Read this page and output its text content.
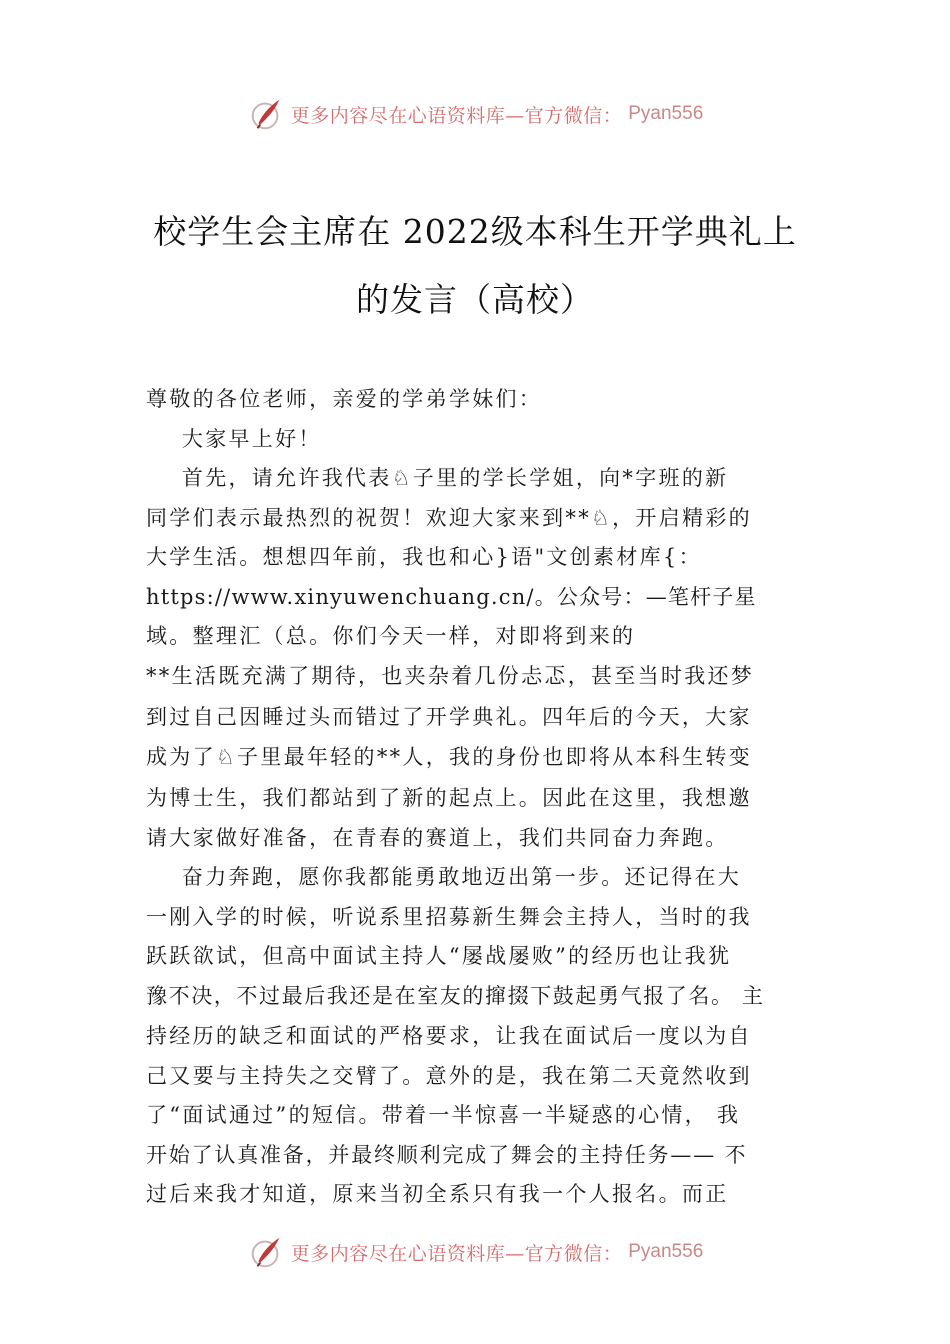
更多内容尽在心语资料库—官方微信： Pyan556
校学生会主席在 2022级本科生开学典礼上
的发言（高校）
尊敬的各位老师，亲爱的学弟学妹们：
大家早上好！
首先，请允许我代表♘子里的学长学姐，向*字班的新
同学们表示最热烈的祝贺！欢迎大家来到**♘，开启精彩的
大学生活。想想四年前，我也和心}语"文创素材库{：
https://www.xinyuwenchuang.cn/。公众号：—笔杆子星
域。整理汇（总。你们今天一样，对即将到来的
**生活既充满了期待，也夹杂着几份忐忑，甚至当时我还梦
到过自己因睡过头而错过了开学典礼。四年后的今天，大家
成为了♘子里最年轻的**人，我的身份也即将从本科生转变
为博士生，我们都站到了新的起点上。因此在这里，我想邀
请大家做好准备，在青春的赛道上，我们共同奋力奔跑。
奋力奔跑，愿你我都能勇敢地迈出第一步。还记得在大
一刚入学的时候，听说系里招募新生舞会主持人，当时的我
跃跃欲试，但高中面试主持人“屡战屡败”的经历也让我犹
豫不决，不过最后我还是在室友的撺掇下鼓起勇气报了名。 主
持经历的缺乏和面试的严格要求，让我在面试后一度以为自
己又要与主持失之交臂了。意外的是，我在第二天竟然收到
了“面试通过”的短信。带着一半惊喜一半疑惑的心情， 我
开始了认真准备，并最终顺利完成了舞会的主持任务—— 不
过后来我才知道，原来当初全系只有我一个人报名。而正
更多内容尽在心语资料库—官方微信： Pyan556
